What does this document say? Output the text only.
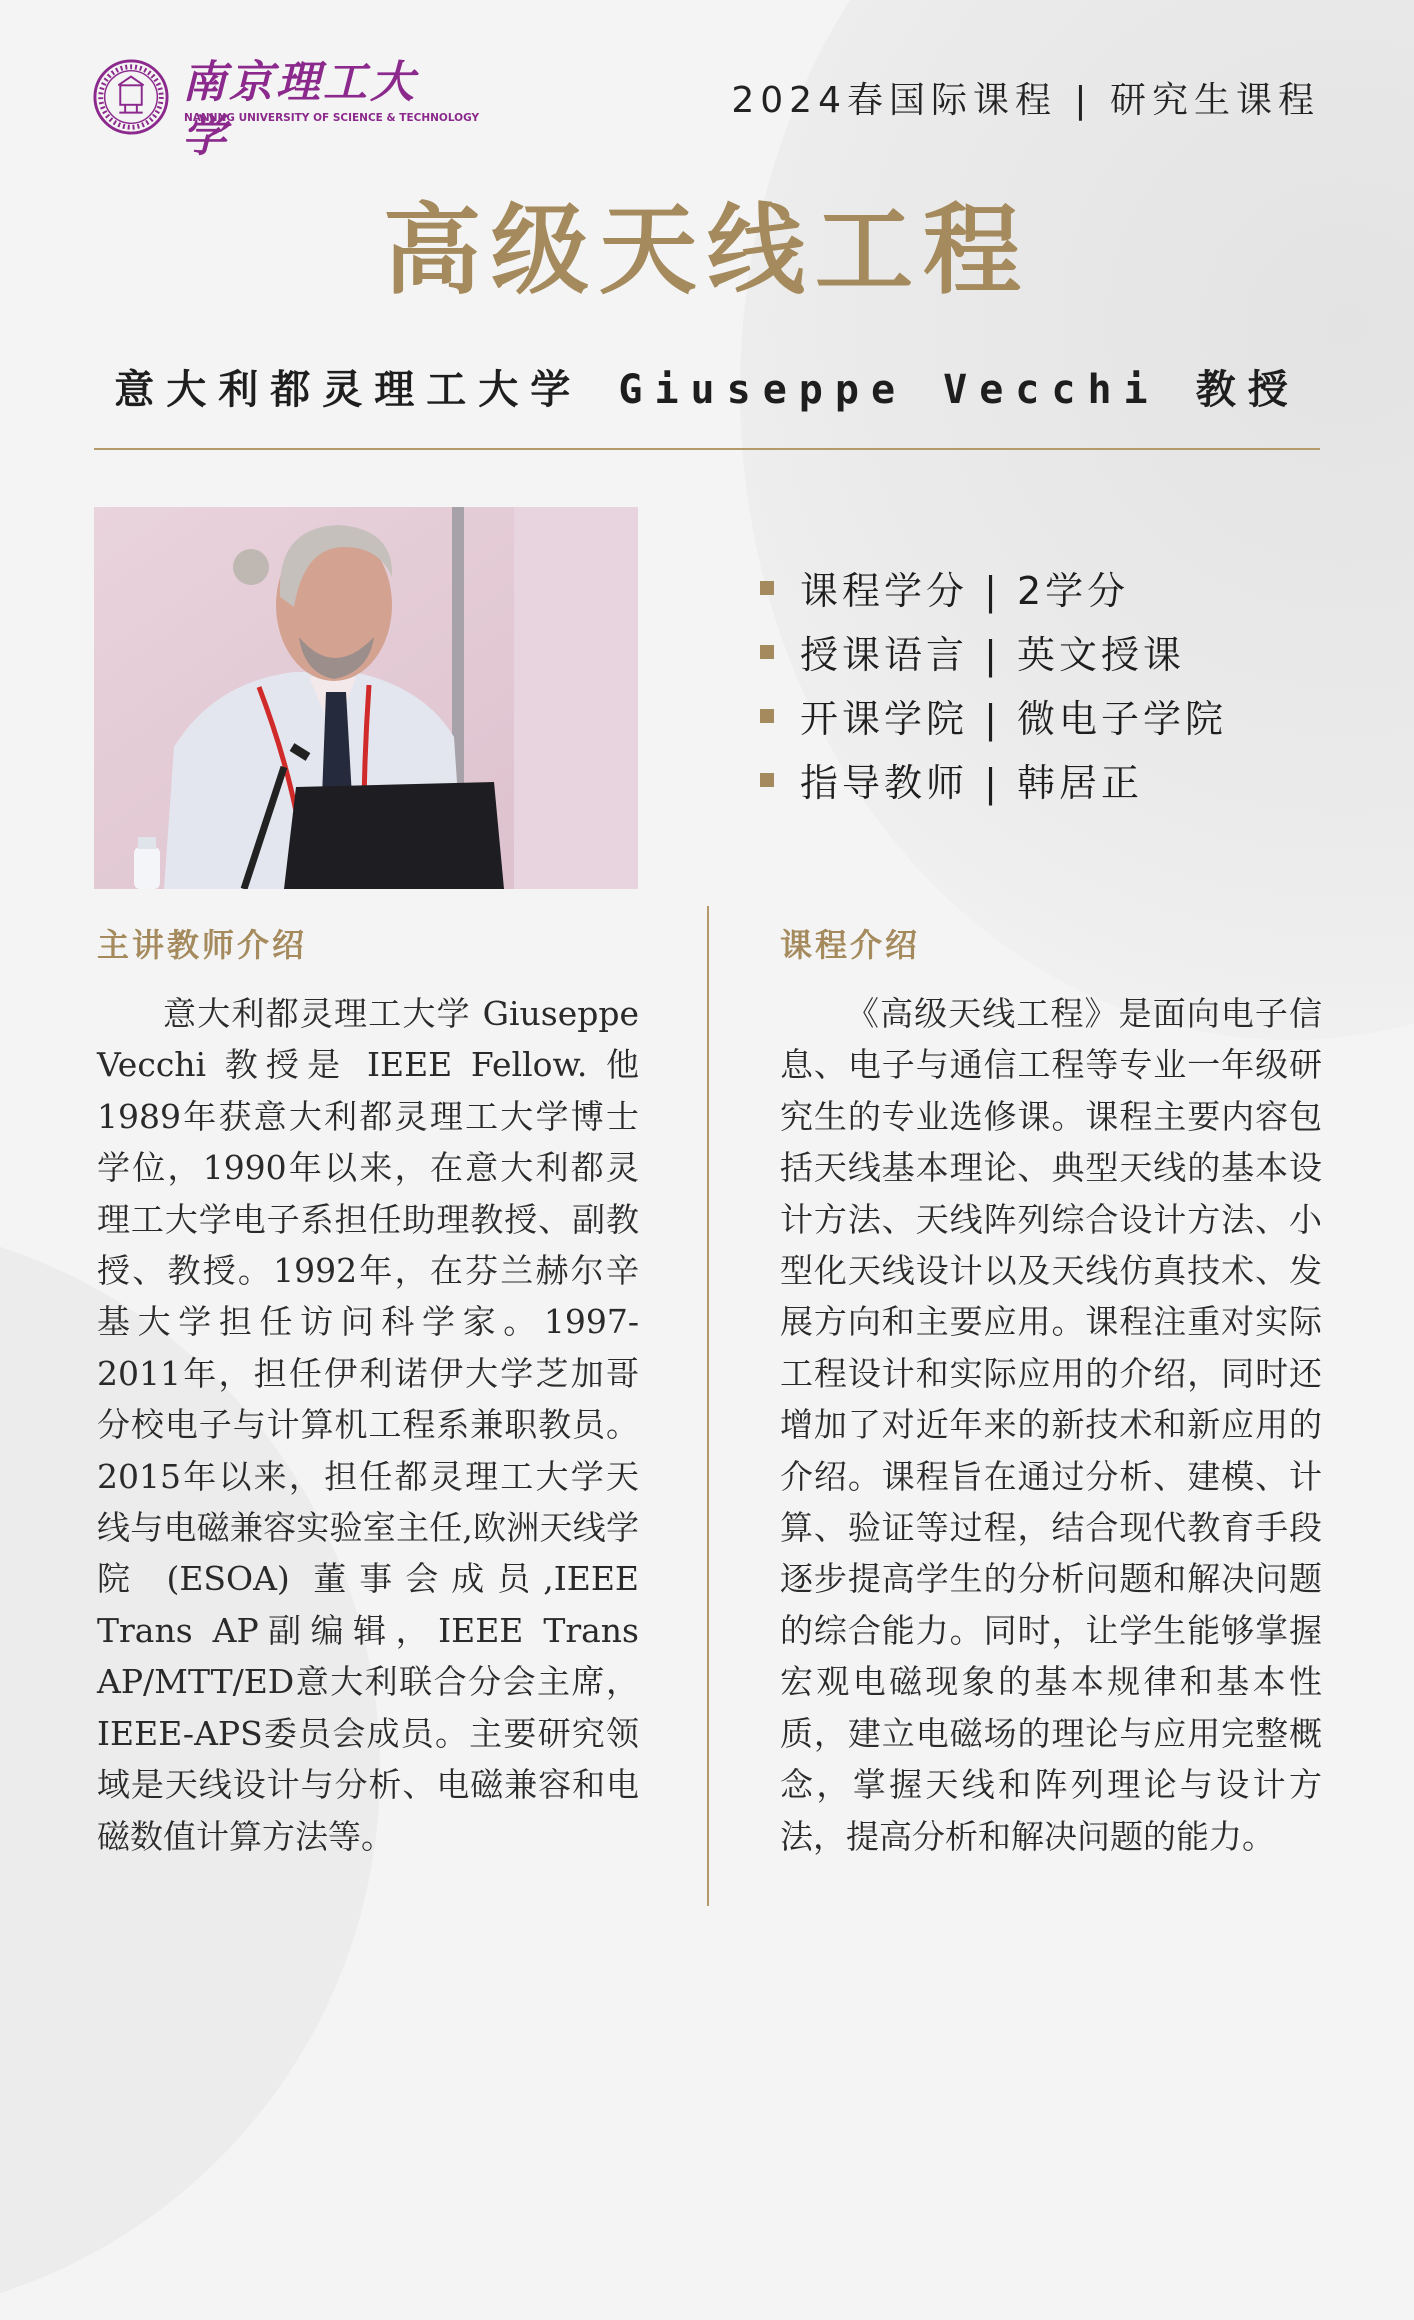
南京理工大学
NANJING UNIVERSITY OF SCIENCE & TECHNOLOGY	2024春国际课程 | 研究生课程
高级天线工程
意大利都灵理工大学 Giuseppe Vecchi 教授
课程学分 | 2学分
授课语言 | 英文授课
开课学院 | 微电子学院
指导教师 | 韩居正
主讲教师介绍

意大利都灵理工大学 Giuseppe Vecchi 教授是 IEEE Fellow. 他1989年获意大利都灵理工大学博士学位，1990年以来，在意大利都灵理工大学电子系担任助理教授、副教授、教授。1992年，在芬兰赫尔辛基大学担任访问科学家。1997-2011年，担任伊利诺伊大学芝加哥分校电子与计算机工程系兼职教员。2015年以来，担任都灵理工大学天线与电磁兼容实验室主任,欧洲天线学院 (ESOA) 董事会成员,IEEE Trans AP副编辑，IEEE Trans AP/MTT/ED意大利联合分会主席，IEEE-APS委员会成员。主要研究领域是天线设计与分析、电磁兼容和电磁数值计算方法等。

课程介绍

《高级天线工程》是面向电子信息、电子与通信工程等专业一年级研究生的专业选修课。课程主要内容包括天线基本理论、典型天线的基本设计方法、天线阵列综合设计方法、小型化天线设计以及天线仿真技术、发展方向和主要应用。课程注重对实际工程设计和实际应用的介绍，同时还增加了对近年来的新技术和新应用的介绍。课程旨在通过分析、建模、计算、验证等过程，结合现代教育手段逐步提高学生的分析问题和解决问题的综合能力。同时，让学生能够掌握宏观电磁现象的基本规律和基本性质，建立电磁场的理论与应用完整概念，掌握天线和阵列理论与设计方法，提高分析和解决问题的能力。
